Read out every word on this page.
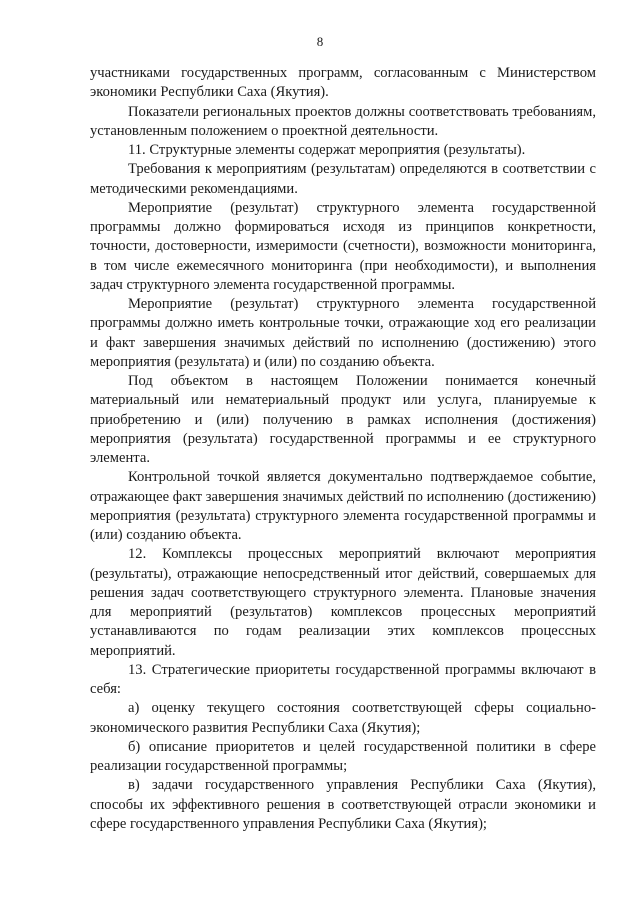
8

участниками государственных программ, согласованным с Министерством экономики Республики Саха (Якутия).

Показатели региональных проектов должны соответствовать требованиям, установленным положением о проектной деятельности.

11. Структурные элементы содержат мероприятия (результаты).

Требования к мероприятиям (результатам) определяются в соответствии с методическими рекомендациями.

Мероприятие (результат) структурного элемента государственной программы должно формироваться исходя из принципов конкретности, точности, достоверности, измеримости (счетности), возможности мониторинга, в том числе ежемесячного мониторинга (при необходимости), и выполнения задач структурного элемента государственной программы.

Мероприятие (результат) структурного элемента государственной программы должно иметь контрольные точки, отражающие ход его реализации и факт завершения значимых действий по исполнению (достижению) этого мероприятия (результата) и (или) по созданию объекта.

Под объектом в настоящем Положении понимается конечный материальный или нематериальный продукт или услуга, планируемые к приобретению и (или) получению в рамках исполнения (достижения) мероприятия (результата) государственной программы и ее структурного элемента.

Контрольной точкой является документально подтверждаемое событие, отражающее факт завершения значимых действий по исполнению (достижению) мероприятия (результата) структурного элемента государственной программы и (или) созданию объекта.

12. Комплексы процессных мероприятий включают мероприятия (результаты), отражающие непосредственный итог действий, совершаемых для решения задач соответствующего структурного элемента. Плановые значения для мероприятий (результатов) комплексов процессных мероприятий устанавливаются по годам реализации этих комплексов процессных мероприятий.

13. Стратегические приоритеты государственной программы включают в себя:

а) оценку текущего состояния соответствующей сферы социально-экономического развития Республики Саха (Якутия);

б) описание приоритетов и целей государственной политики в сфере реализации государственной программы;

в) задачи государственного управления Республики Саха (Якутия), способы их эффективного решения в соответствующей отрасли экономики и сфере государственного управления Республики Саха (Якутия);
